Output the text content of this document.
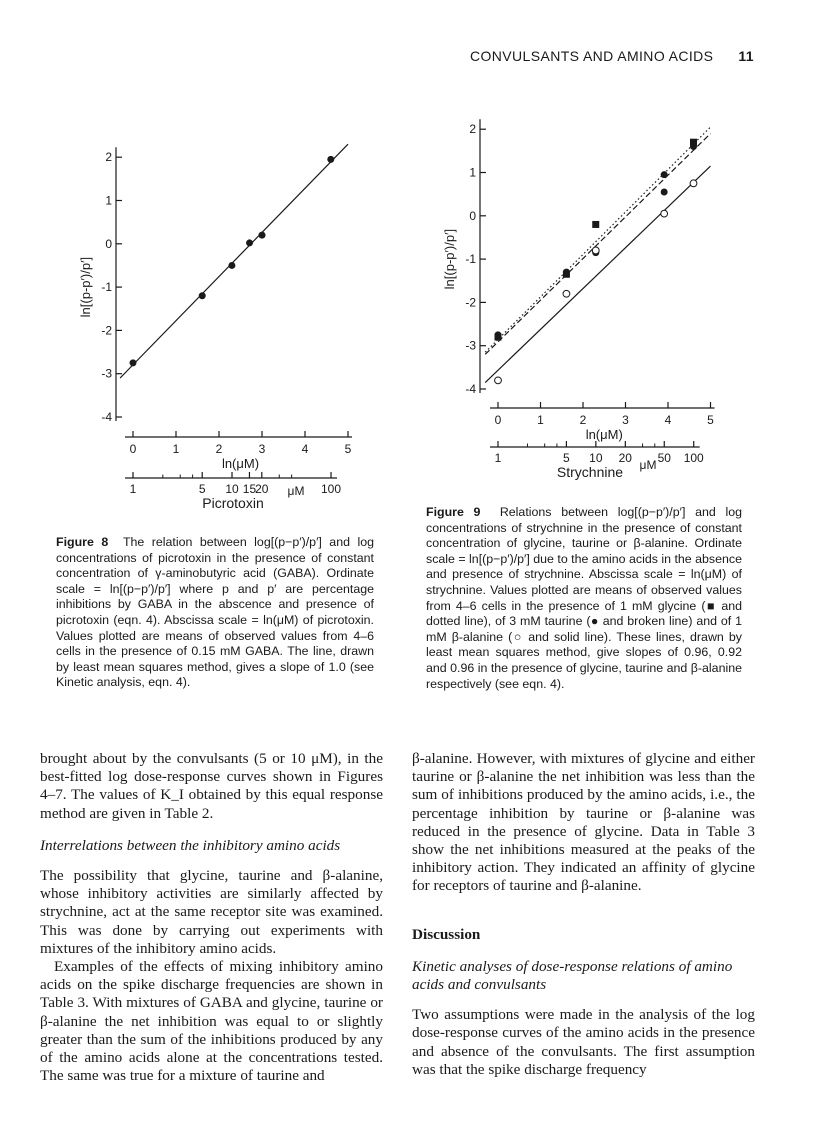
CONVULSANTS AND AMINO ACIDS 11
-4
-3
-2
-1
0
1
2
ln[(p-p′)/p′]
0	1	2	3	4	5
ln(μM)
1	5 10 15 20	100
Picrotoxin
μM

Figure 8 The relation between log[(p−p′)/p′] and log concentrations of picrotoxin in the presence of constant concentration of γ-aminobutyric acid (GABA). Ordinate scale = ln[(p−p′)/p′] where p and p′ are percentage inhibitions by GABA in the abscence and presence of picrotoxin (eqn. 4). Abscissa scale = ln(μM) of picrotoxin. Values plotted are means of observed values from 4–6 cells in the presence of 0.15 mM GABA. The line, drawn by least mean squares method, gives a slope of 1.0 (see Kinetic analysis, eqn. 4).

-4
-3
-2
-1
0
1
2
ln[(p-p′)/p′]
0	1	2	3	4	5
ln(μM)
1	5 10 20 50 100
Strychnine μM

Figure 9 Relations between log[(p−p′)/p′] and log concentrations of strychnine in the presence of constant concentration of glycine, taurine or β-alanine. Ordinate scale = ln[(p−p′)/p′] due to the amino acids in the absence and presence of strychnine. Abscissa scale = ln(μM) of strychnine. Values plotted are means of observed values from 4–6 cells in the presence of 1 mM glycine (■ and dotted line), of 3 mM taurine (● and broken line) and of 1 mM β-alanine (○ and solid line). These lines, drawn by least mean squares method, give slopes of 0.96, 0.92 and 0.96 in the presence of glycine, taurine and β-alanine respectively (see eqn. 4).

brought about by the convulsants (5 or 10 μM), in the best-fitted log dose-response curves shown in Figures 4–7. The values of K_I obtained by this equal response method are given in Table 2.

Interrelations between the inhibitory amino acids

The possibility that glycine, taurine and β-alanine, whose inhibitory activities are similarly affected by strychnine, act at the same receptor site was examined. This was done by carrying out experiments with mixtures of the inhibitory amino acids.

Examples of the effects of mixing inhibitory amino acids on the spike discharge frequencies are shown in Table 3. With mixtures of GABA and glycine, taurine or β-alanine the net inhibition was equal to or slightly greater than the sum of the inhibitions produced by any of the amino acids alone at the concentrations tested. The same was true for a mixture of taurine and

β-alanine. However, with mixtures of glycine and either taurine or β-alanine the net inhibition was less than the sum of inhibitions produced by the amino acids, i.e., the percentage inhibition by taurine or β-alanine was reduced in the presence of glycine. Data in Table 3 show the net inhibitions measured at the peaks of the inhibitory action. They indicated an affinity of glycine for receptors of taurine and β-alanine.

Discussion
Kinetic analyses of dose-response relations of amino acids and convulsants

Two assumptions were made in the analysis of the log dose-response curves of the amino acids in the presence and absence of the convulsants. The first assumption was that the spike discharge frequency
